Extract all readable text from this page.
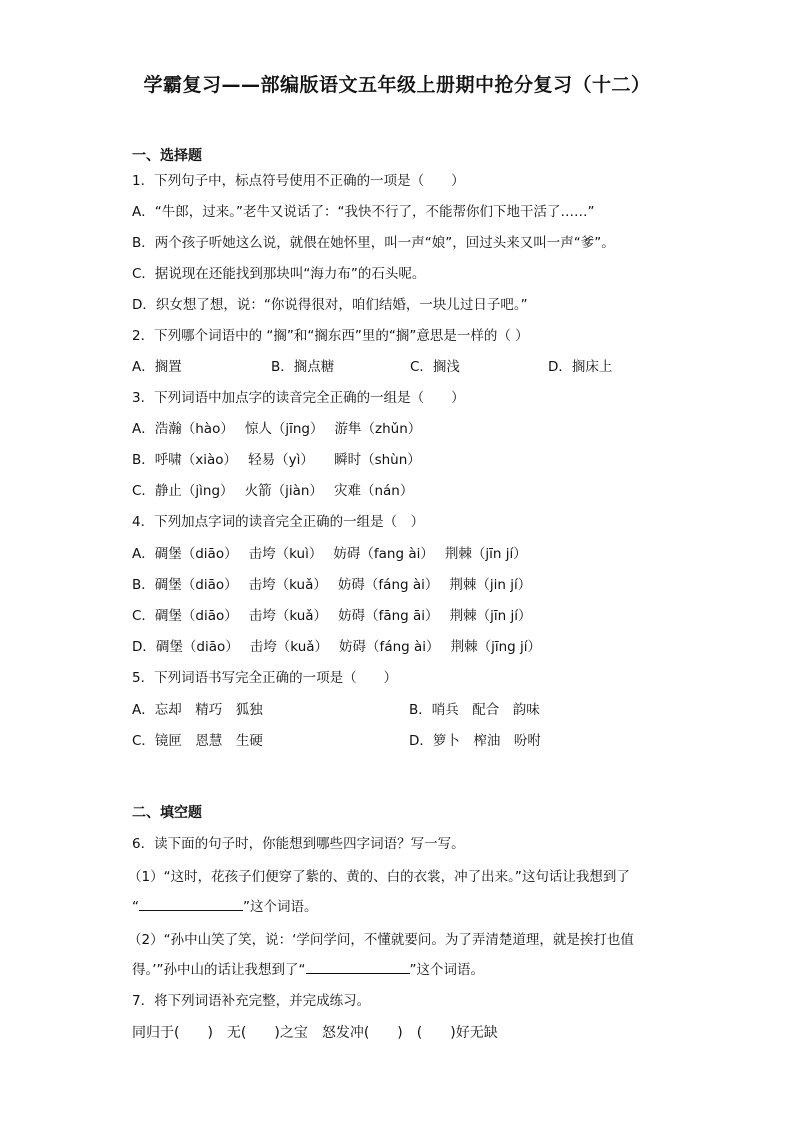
学霸复习——部编版语文五年级上册期中抢分复习（十二）
一、选择题
1．下列句子中，标点符号使用不正确的一项是（　　）
A．“牛郎，过来。”老牛又说话了：“我快不行了，不能帮你们下地干活了……”
B．两个孩子听她这么说，就偎在她怀里，叫一声“娘”，回过头来又叫一声“爹”。
C．据说现在还能找到那块叫“海力布”的石头呢。
D．织女想了想，说：“你说得很对，咱们结婚，一块儿过日子吧。”
2．下列哪个词语中的 “搁”和“搁东西”里的“搁”意思是一样的（ ）
A．搁置	B．搁点糖	C．搁浅	D．搁床上
3．下列词语中加点字的读音完全正确的一组是（　　）
A．浩瀚（hào）　 惊人（jīng）　 游隼（zhǔn）
B．呼啸（xiào）　 轻易（yì）　　瞬时（shùn）
C．静止（jìng）　 火箭（jiàn）　 灾难（nán）
4．下列加点字词的读音完全正确的一组是（　）
A．碉堡（diāo）　 击垮（kuì）　 妨碍（fang ài）　 荆棘（jīn jí）
B．碉堡（diāo）　 击垮（kuǎ）　 妨碍（fáng ài）　 荆棘（jin jí）
C．碉堡（diāo）　 击垮（kuǎ）　 妨碍（fāng āi）　 荆棘（jīn jí）
D．碉堡（diāo）　 击垮（kuǎ）　 妨碍（fáng ài）　 荆棘（jīng jí）
5．下列词语书写完全正确的一项是（　　）
A．忘却　精巧　狐独	B．哨兵　配合　韵味
C．镜匣　恩慧　生硬	D．箩卜　榨油　吩咐
二、填空题
6．读下面的句子时，你能想到哪些四字词语？写一写。
（1）“这时，花孩子们便穿了紫的、黄的、白的衣裳，冲了出来。”这句话让我想到了
“	”这个词语。
（2）“孙中山笑了笑，说：‘学问学问，不懂就要问。为了弄清楚道理，就是挨打也值
得。’”孙中山的话让我想到了“	”这个词语。
7．将下列词语补充完整，并完成练习。
同归于(　　)　无(　　)之宝　怒发冲(　　)　(　　)好无缺
